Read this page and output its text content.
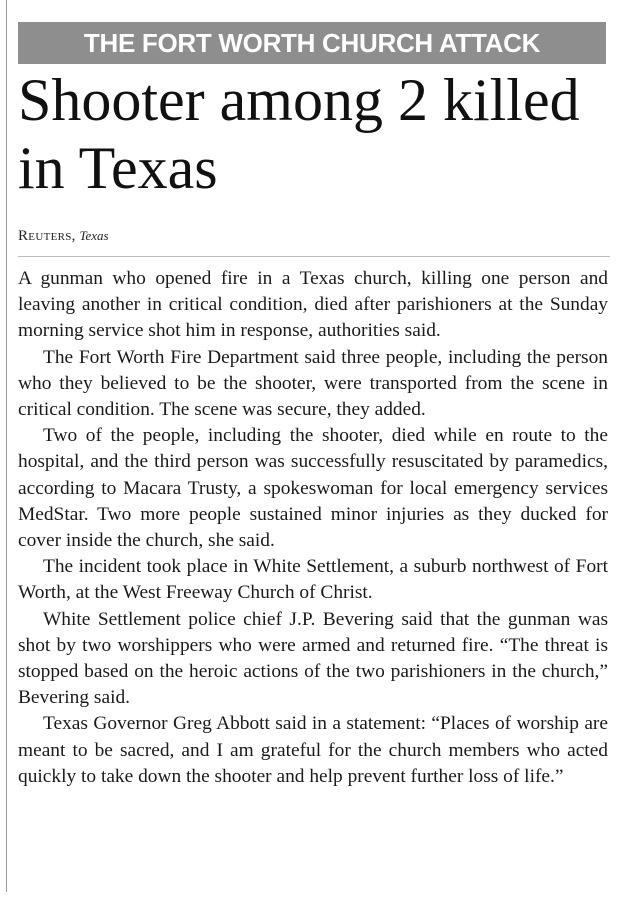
THE FORT WORTH CHURCH ATTACK
Shooter among 2 killed in Texas
Reuters, Texas

A gunman who opened fire in a Texas church, killing one person and leaving another in critical condition, died after parishioners at the Sunday morning service shot him in response, authorities said.

The Fort Worth Fire Department said three people, including the person who they believed to be the shooter, were transported from the scene in critical condition. The scene was secure, they added.

Two of the people, including the shooter, died while en route to the hospital, and the third person was successfully resuscitated by paramedics, according to Macara Trusty, a spokeswoman for local emergency services MedStar. Two more people sustained minor injuries as they ducked for cover inside the church, she said.

The incident took place in White Settlement, a suburb northwest of Fort Worth, at the West Freeway Church of Christ.

White Settlement police chief J.P. Bevering said that the gunman was shot by two worshippers who were armed and returned fire. “The threat is stopped based on the heroic actions of the two parishioners in the church,” Bevering said.

Texas Governor Greg Abbott said in a statement: “Places of worship are meant to be sacred, and I am grateful for the church members who acted quickly to take down the shooter and help prevent further loss of life.”
